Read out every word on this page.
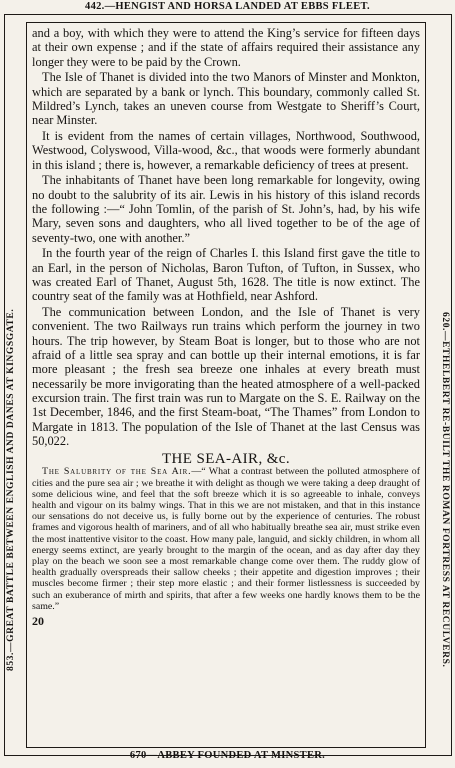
442.—HENGIST AND HORSA LANDED AT EBBS FLEET.
853.—GREAT BATTLE BETWEEN ENGLISH AND DANES AT KINGSGATE.	620.—ETHELBERT RE-BUILT THE ROMAN FORTRESS AT RECULVERS.

and a boy, with which they were to attend the King’s service for fifteen days at their own expense ; and if the state of affairs required their assistance any longer they were to be paid by the Crown.

The Isle of Thanet is divided into the two Manors of Minster and Monkton, which are separated by a bank or lynch. This boundary, commonly called St. Mildred’s Lynch, takes an uneven course from Westgate to Sheriff’s Court, near Minster.

It is evident from the names of certain villages, Northwood, Southwood, Westwood, Colyswood, Villa-wood, &c., that woods were formerly abundant in this island ; there is, however, a remarkable deficiency of trees at present.

The inhabitants of Thanet have been long remarkable for longevity, owing no doubt to the salubrity of its air. Lewis in his history of this island records the following :—“ John Tomlin, of the parish of St. John’s, had, by his wife Mary, seven sons and daughters, who all lived together to be of the age of seventy-two, one with another.”

In the fourth year of the reign of Charles I. this Island first gave the title to an Earl, in the person of Nicholas, Baron Tufton, of Tufton, in Sussex, who was created Earl of Thanet, August 5th, 1628. The title is now extinct. The country seat of the family was at Hothfield, near Ashford.

The communication between London, and the Isle of Thanet is very convenient. The two Railways run trains which perform the journey in two hours. The trip however, by Steam Boat is longer, but to those who are not afraid of a little sea spray and can bottle up their internal emotions, it is far more pleasant ; the fresh sea breeze one inhales at every breath must necessarily be more invigorating than the heated atmosphere of a well-packed excursion train. The first train was run to Margate on the S. E. Railway on the 1st December, 1846, and the first Steam-boat, “The Thames” from London to Margate in 1813. The population of the Isle of Thanet at the last Census was 50,022.

THE SEA-AIR, &c.

The Salubrity of the Sea Air.—“ What a contrast between the polluted atmosphere of cities and the pure sea air ; we breathe it with delight as though we were taking a deep draught of some delicious wine, and feel that the soft breeze which it is so agreeable to inhale, conveys health and vigour on its balmy wings. That in this we are not mistaken, and that in this instance our sensations do not deceive us, is fully borne out by the experience of centuries. The robust frames and vigorous health of mariners, and of all who habitually breathe sea air, must strike even the most inattentive visitor to the coast. How many pale, languid, and sickly children, in whom all energy seems extinct, are yearly brought to the margin of the ocean, and as day after day they play on the beach we soon see a most remarkable change come over them. The ruddy glow of health gradually overspreads their sallow cheeks ; their appetite and digestion improves ; their muscles become firmer ; their step more elastic ; and their former listlessness is succeeded by such an exuberance of mirth and spirits, that after a few weeks one hardly knows them to be the same.”

20
670—ABBEY FOUNDED AT MINSTER.
